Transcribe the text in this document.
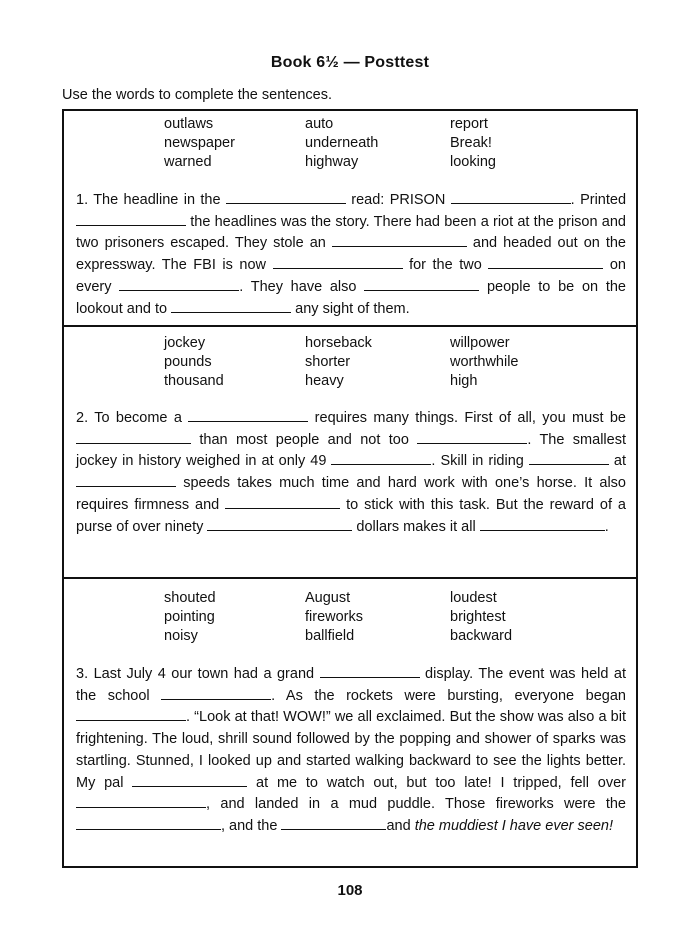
Book 6½ — Posttest
Use the words to complete the sentences.
outlaws	auto	report
newspaper	underneath	Break!
warned	highway	looking
1. The headline in the	read: PRISON	. Printed  the headlines was the story. There had been a riot at the prison and two prisoners escaped. They stole an	and headed out on the expressway. The FBI is now	for the two	on every	. They have also	people to be on the lookout and to	any sight of them.
jockey	horseback	willpower
pounds	shorter	worthwhile
thousand	heavy	high
2. To become a	requires many things. First of all, you must be  than most people and not too	. The smallest jockey in history weighed in at only 49	. Skill in riding	at  speeds takes much time and hard work with one’s horse. It also requires firmness and	to stick with this task. But the reward of a purse of over ninety	dollars makes it all	.
shouted	August	loudest
pointing	fireworks	brightest
noisy	ballfield	backward
3. Last July 4 our town had a grand	display. The event was held at the school	. As the rockets were bursting, everyone began . “Look at that! WOW!” we all exclaimed. But the show was also a bit frightening. The loud, shrill sound followed by the popping and shower of sparks was startling. Stunned, I looked up and started walking backward to see the lights better. My pal	at me to watch out, but too late! I tripped, fell over , and landed in a mud puddle. Those fireworks were the , and the	and the muddiest I have ever seen!
108
